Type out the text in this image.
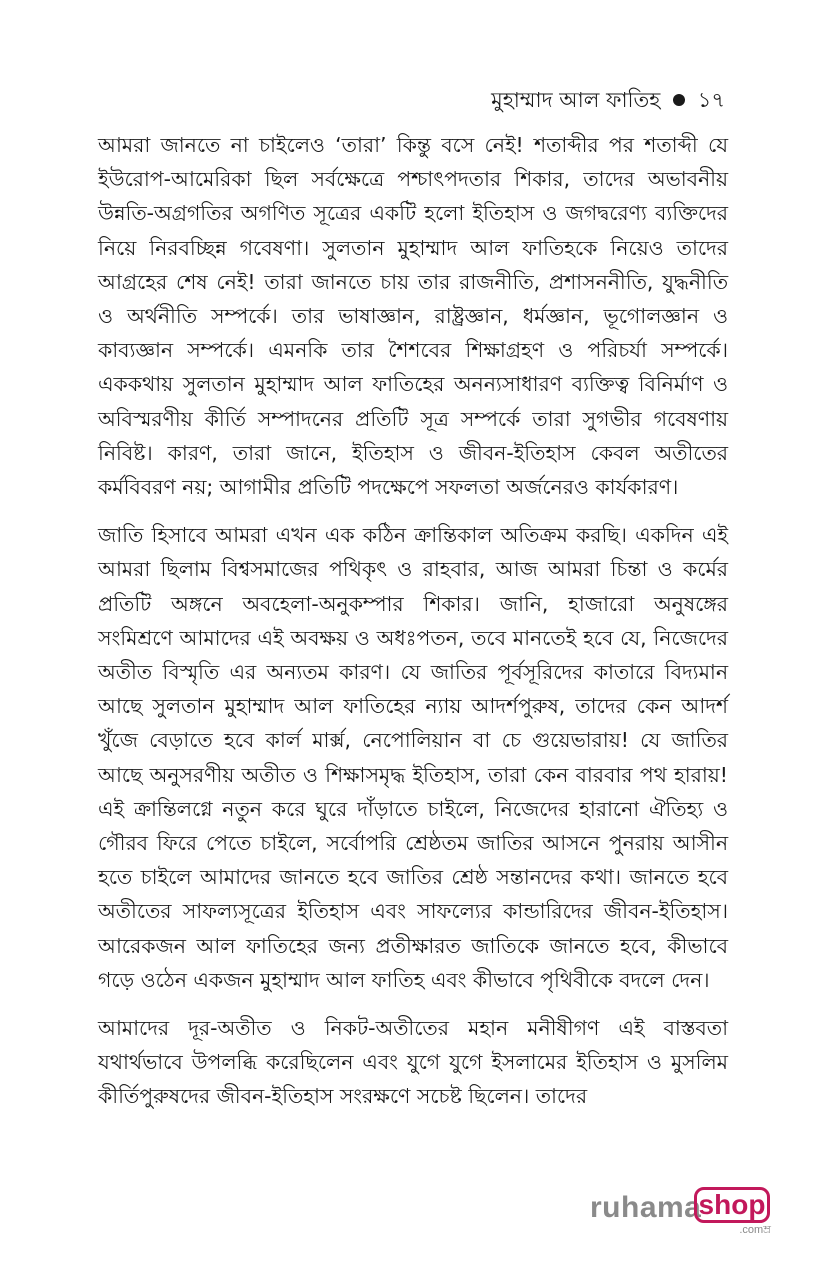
মুহাম্মাদ আল ফাতিহ ১৭

আমরা জানতে না চাইলেও ‘তারা’ কিন্তু বসে নেই! শতাব্দীর পর শতাব্দী যে ইউরোপ-আমেরিকা ছিল সর্বক্ষেত্রে পশ্চাৎপদতার শিকার, তাদের অভাবনীয় উন্নতি-অগ্রগতির অগণিত সূত্রের একটি হলো ইতিহাস ও জগদ্বরেণ্য ব্যক্তিদের নিয়ে নিরবচ্ছিন্ন গবেষণা। সুলতান মুহাম্মাদ আল ফাতিহকে নিয়েও তাদের আগ্রহের শেষ নেই! তারা জানতে চায় তার রাজনীতি, প্রশাসননীতি, যুদ্ধনীতি ও অর্থনীতি সম্পর্কে। তার ভাষাজ্ঞান, রাষ্ট্রজ্ঞান, ধর্মজ্ঞান, ভূগোলজ্ঞান ও কাব্যজ্ঞান সম্পর্কে। এমনকি তার শৈশবের শিক্ষাগ্রহণ ও পরিচর্যা সম্পর্কে। এককথায় সুলতান মুহাম্মাদ আল ফাতিহের অনন্যসাধারণ ব্যক্তিত্ব বিনির্মাণ ও অবিস্মরণীয় কীর্তি সম্পাদনের প্রতিটি সূত্র সম্পর্কে তারা সুগভীর গবেষণায় নিবিষ্ট। কারণ, তারা জানে, ইতিহাস ও জীবন-ইতিহাস কেবল অতীতের কর্মবিবরণ নয়; আগামীর প্রতিটি পদক্ষেপে সফলতা অর্জনেরও কার্যকারণ।

জাতি হিসাবে আমরা এখন এক কঠিন ক্রান্তিকাল অতিক্রম করছি। একদিন এই আমরা ছিলাম বিশ্বসমাজের পথিকৃৎ ও রাহবার, আজ আমরা চিন্তা ও কর্মের প্রতিটি অঙ্গনে অবহেলা-অনুকম্পার শিকার। জানি, হাজারো অনুষঙ্গের সংমিশ্রণে আমাদের এই অবক্ষয় ও অধঃপতন, তবে মানতেই হবে যে, নিজেদের অতীত বিস্মৃতি এর অন্যতম কারণ। যে জাতির পূর্বসূরিদের কাতারে বিদ্যমান আছে সুলতান মুহাম্মাদ আল ফাতিহের ন্যায় আদর্শপুরুষ, তাদের কেন আদর্শ খুঁজে বেড়াতে হবে কার্ল মার্ক্স, নেপোলিয়ান বা চে গুয়েভারায়! যে জাতির আছে অনুসরণীয় অতীত ও শিক্ষাসমৃদ্ধ ইতিহাস, তারা কেন বারবার পথ হারায়! এই ক্রান্তিলগ্নে নতুন করে ঘুরে দাঁড়াতে চাইলে, নিজেদের হারানো ঐতিহ্য ও গৌরব ফিরে পেতে চাইলে, সর্বোপরি শ্রেষ্ঠতম জাতির আসনে পুনরায় আসীন হতে চাইলে আমাদের জানতে হবে জাতির শ্রেষ্ঠ সন্তানদের কথা। জানতে হবে অতীতের সাফল্যসূত্রের ইতিহাস এবং সাফল্যের কান্ডারিদের জীবন-ইতিহাস। আরেকজন আল ফাতিহের জন্য প্রতীক্ষারত জাতিকে জানতে হবে, কীভাবে গড়ে ওঠেন একজন মুহাম্মাদ আল ফাতিহ এবং কীভাবে পৃথিবীকে বদলে দেন।

আমাদের দূর-অতীত ও নিকট-অতীতের মহান মনীষীগণ এই বাস্তবতা যথার্থভাবে উপলব্ধি করেছিলেন এবং যুগে যুগে ইসলামের ইতিহাস ও মুসলিম কীর্তিপুরুষদের জীবন-ইতিহাস সংরক্ষণে সচেষ্ট ছিলেন। তাদের

ruhama
shop
.comম্র
